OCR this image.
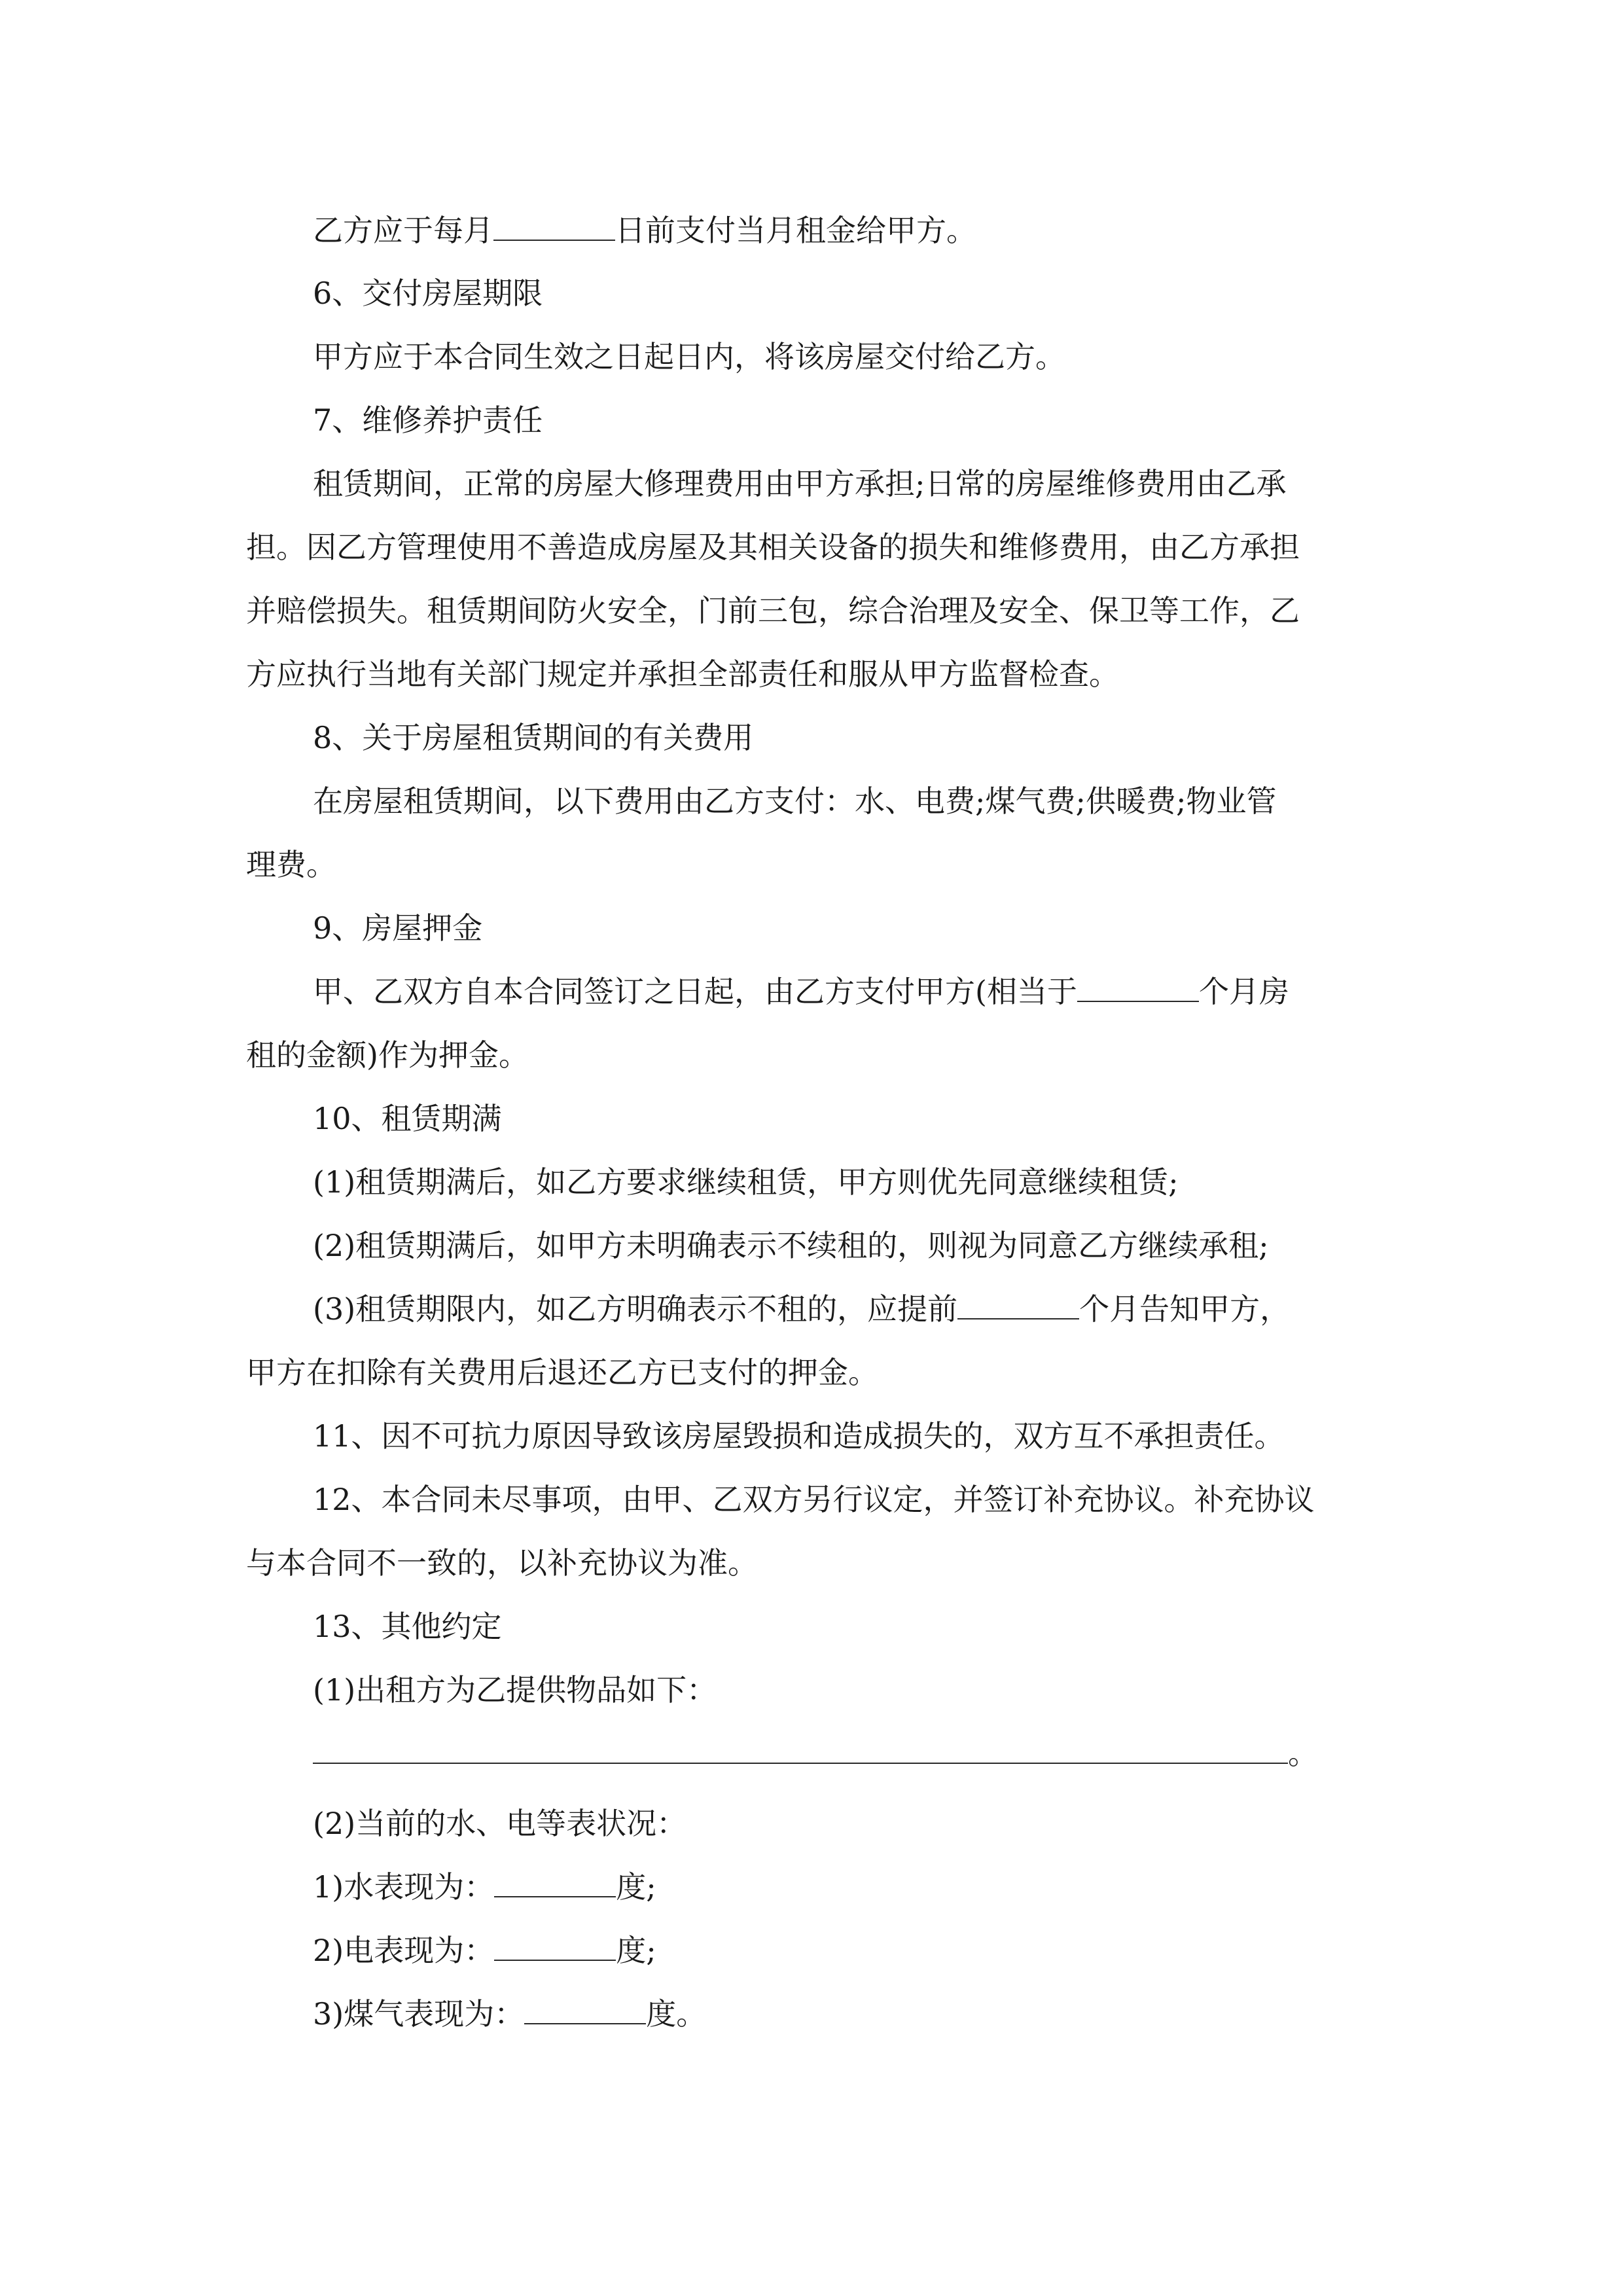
乙方应于每月	日前支付当月租金给甲方。

6、交付房屋期限

甲方应于本合同生效之日起日内，将该房屋交付给乙方。

7、维修养护责任

租赁期间，正常的房屋大修理费用由甲方承担;日常的房屋维修费用由乙承

担。因乙方管理使用不善造成房屋及其相关设备的损失和维修费用，由乙方承担

并赔偿损失。租赁期间防火安全，门前三包，综合治理及安全、保卫等工作，乙

方应执行当地有关部门规定并承担全部责任和服从甲方监督检查。

8、关于房屋租赁期间的有关费用

在房屋租赁期间，以下费用由乙方支付：水、电费;煤气费;供暖费;物业管

理费。

9、房屋押金

甲、乙双方自本合同签订之日起，由乙方支付甲方(相当于	个月房

租的金额)作为押金。

10、租赁期满

(1)租赁期满后，如乙方要求继续租赁，甲方则优先同意继续租赁;

(2)租赁期满后，如甲方未明确表示不续租的，则视为同意乙方继续承租;

(3)租赁期限内，如乙方明确表示不租的，应提前	个月告知甲方，

甲方在扣除有关费用后退还乙方已支付的押金。

11、因不可抗力原因导致该房屋毁损和造成损失的，双方互不承担责任。

12、本合同未尽事项，由甲、乙双方另行议定，并签订补充协议。补充协议

与本合同不一致的，以补充协议为准。

13、其他约定

(1)出租方为乙提供物品如下：

。

(2)当前的水、电等表状况：

1)水表现为：	度;

2)电表现为：	度;

3)煤气表现为：	度。
